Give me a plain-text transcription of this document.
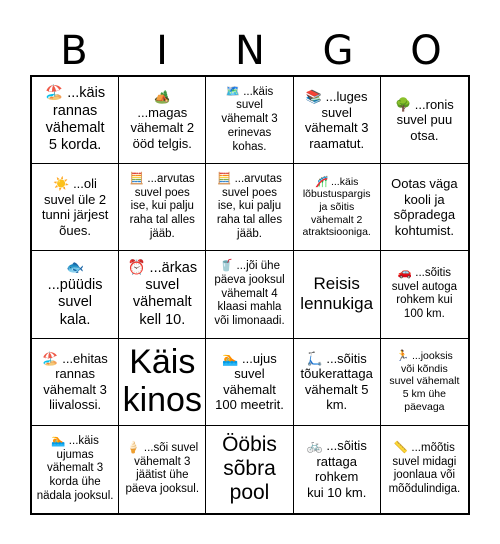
B	I	N	G	O
🏖️ ...käis
rannas
vähemalt
5 korda.
🏕️
...magas
vähemalt 2
ööd telgis.
🗺️ ...käis
suvel
vähemalt 3
erinevas
kohas.
📚 ...luges
suvel
vähemalt 3
raamatut.
🌳 ...ronis
suvel puu
otsa.
☀️ ...oli
suvel üle 2
tunni järjest
õues.
🧮 ...arvutas
suvel poes
ise, kui palju
raha tal alles
jääb.
🧮 ...arvutas
suvel poes
ise, kui palju
raha tal alles
jääb.
🎢 ...käis
lõbustuspargis
ja sõitis
vähemalt 2
atraktsiooniga.
Ootas väga
kooli ja
sõpradega
kohtumist.
🐟
...püüdis
suvel
kala.
⏰ ...ärkas
suvel
vähemalt
kell 10.
🥤 ...jõi ühe
päeva jooksul
vähemalt 4
klaasi mahla
või limonaadi.
Reisis
lennukiga
🚗 ...sõitis
suvel autoga
rohkem kui
100 km.
🏖️ ...ehitas
rannas
vähemalt 3
liivalossi.
Käis
kinos
🏊 ...ujus
suvel
vähemalt
100 meetrit.
🛴 ...sõitis
tõukerattaga
vähemalt 5
km.
🏃 ...jooksis
või kõndis
suvel vähemalt
5 km ühe
päevaga
🏊 ...käis
ujumas
vähemalt 3
korda ühe
nädala jooksul.
🍦 ...sõi suvel
vähemalt 3
jäätist ühe
päeva jooksul.
Ööbis
sõbra
pool
🚲 ...sõitis
rattaga
rohkem
kui 10 km.
📏 ...mõõtis
suvel midagi
joonlaua või
mõõdulindiga.
